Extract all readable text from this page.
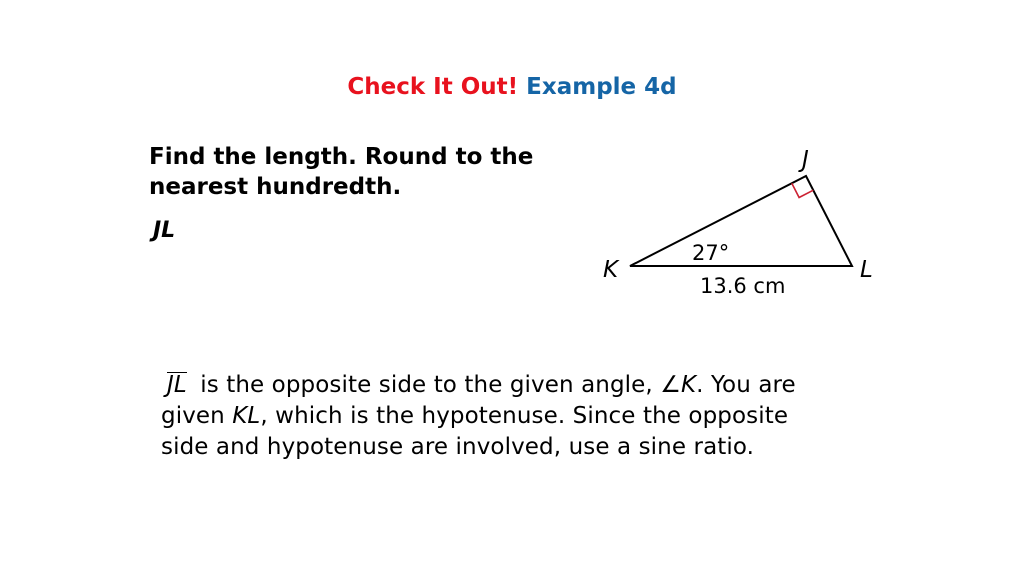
Check It Out! Example 4d
Find the length. Round to the
nearest hundredth.
JL
J
K	L
27°
13.6 cm
JL is the opposite side to the given angle, ∠K. You are given KL, which is the hypotenuse. Since the opposite side and hypotenuse are involved, use a sine ratio.
